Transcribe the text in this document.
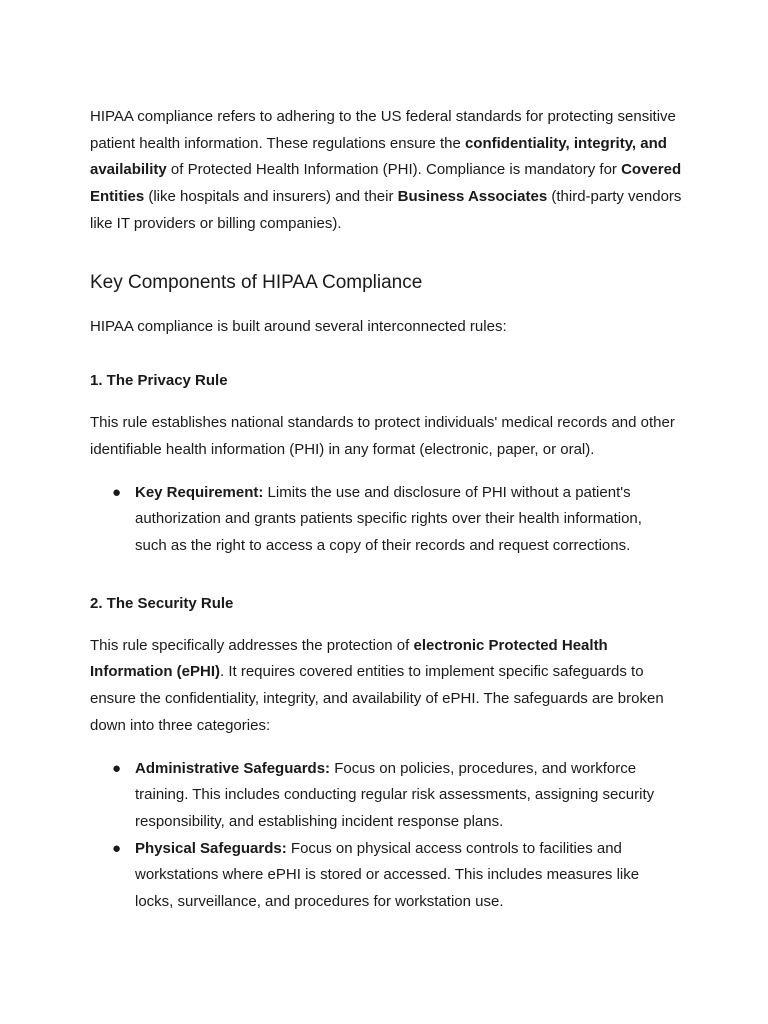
HIPAA compliance refers to adhering to the US federal standards for protecting sensitive patient health information. These regulations ensure the confidentiality, integrity, and availability of Protected Health Information (PHI). Compliance is mandatory for Covered Entities (like hospitals and insurers) and their Business Associates (third-party vendors like IT providers or billing companies).

Key Components of HIPAA Compliance

HIPAA compliance is built around several interconnected rules:

1. The Privacy Rule

This rule establishes national standards to protect individuals' medical records and other identifiable health information (PHI) in any format (electronic, paper, or oral).

● Key Requirement: Limits the use and disclosure of PHI without a patient's authorization and grants patients specific rights over their health information, such as the right to access a copy of their records and request corrections.
2. The Security Rule

This rule specifically addresses the protection of electronic Protected Health Information (ePHI). It requires covered entities to implement specific safeguards to ensure the confidentiality, integrity, and availability of ePHI. The safeguards are broken down into three categories:

● Administrative Safeguards: Focus on policies, procedures, and workforce training. This includes conducting regular risk assessments, assigning security responsibility, and establishing incident response plans.
● Physical Safeguards: Focus on physical access controls to facilities and workstations where ePHI is stored or accessed. This includes measures like locks, surveillance, and procedures for workstation use.
